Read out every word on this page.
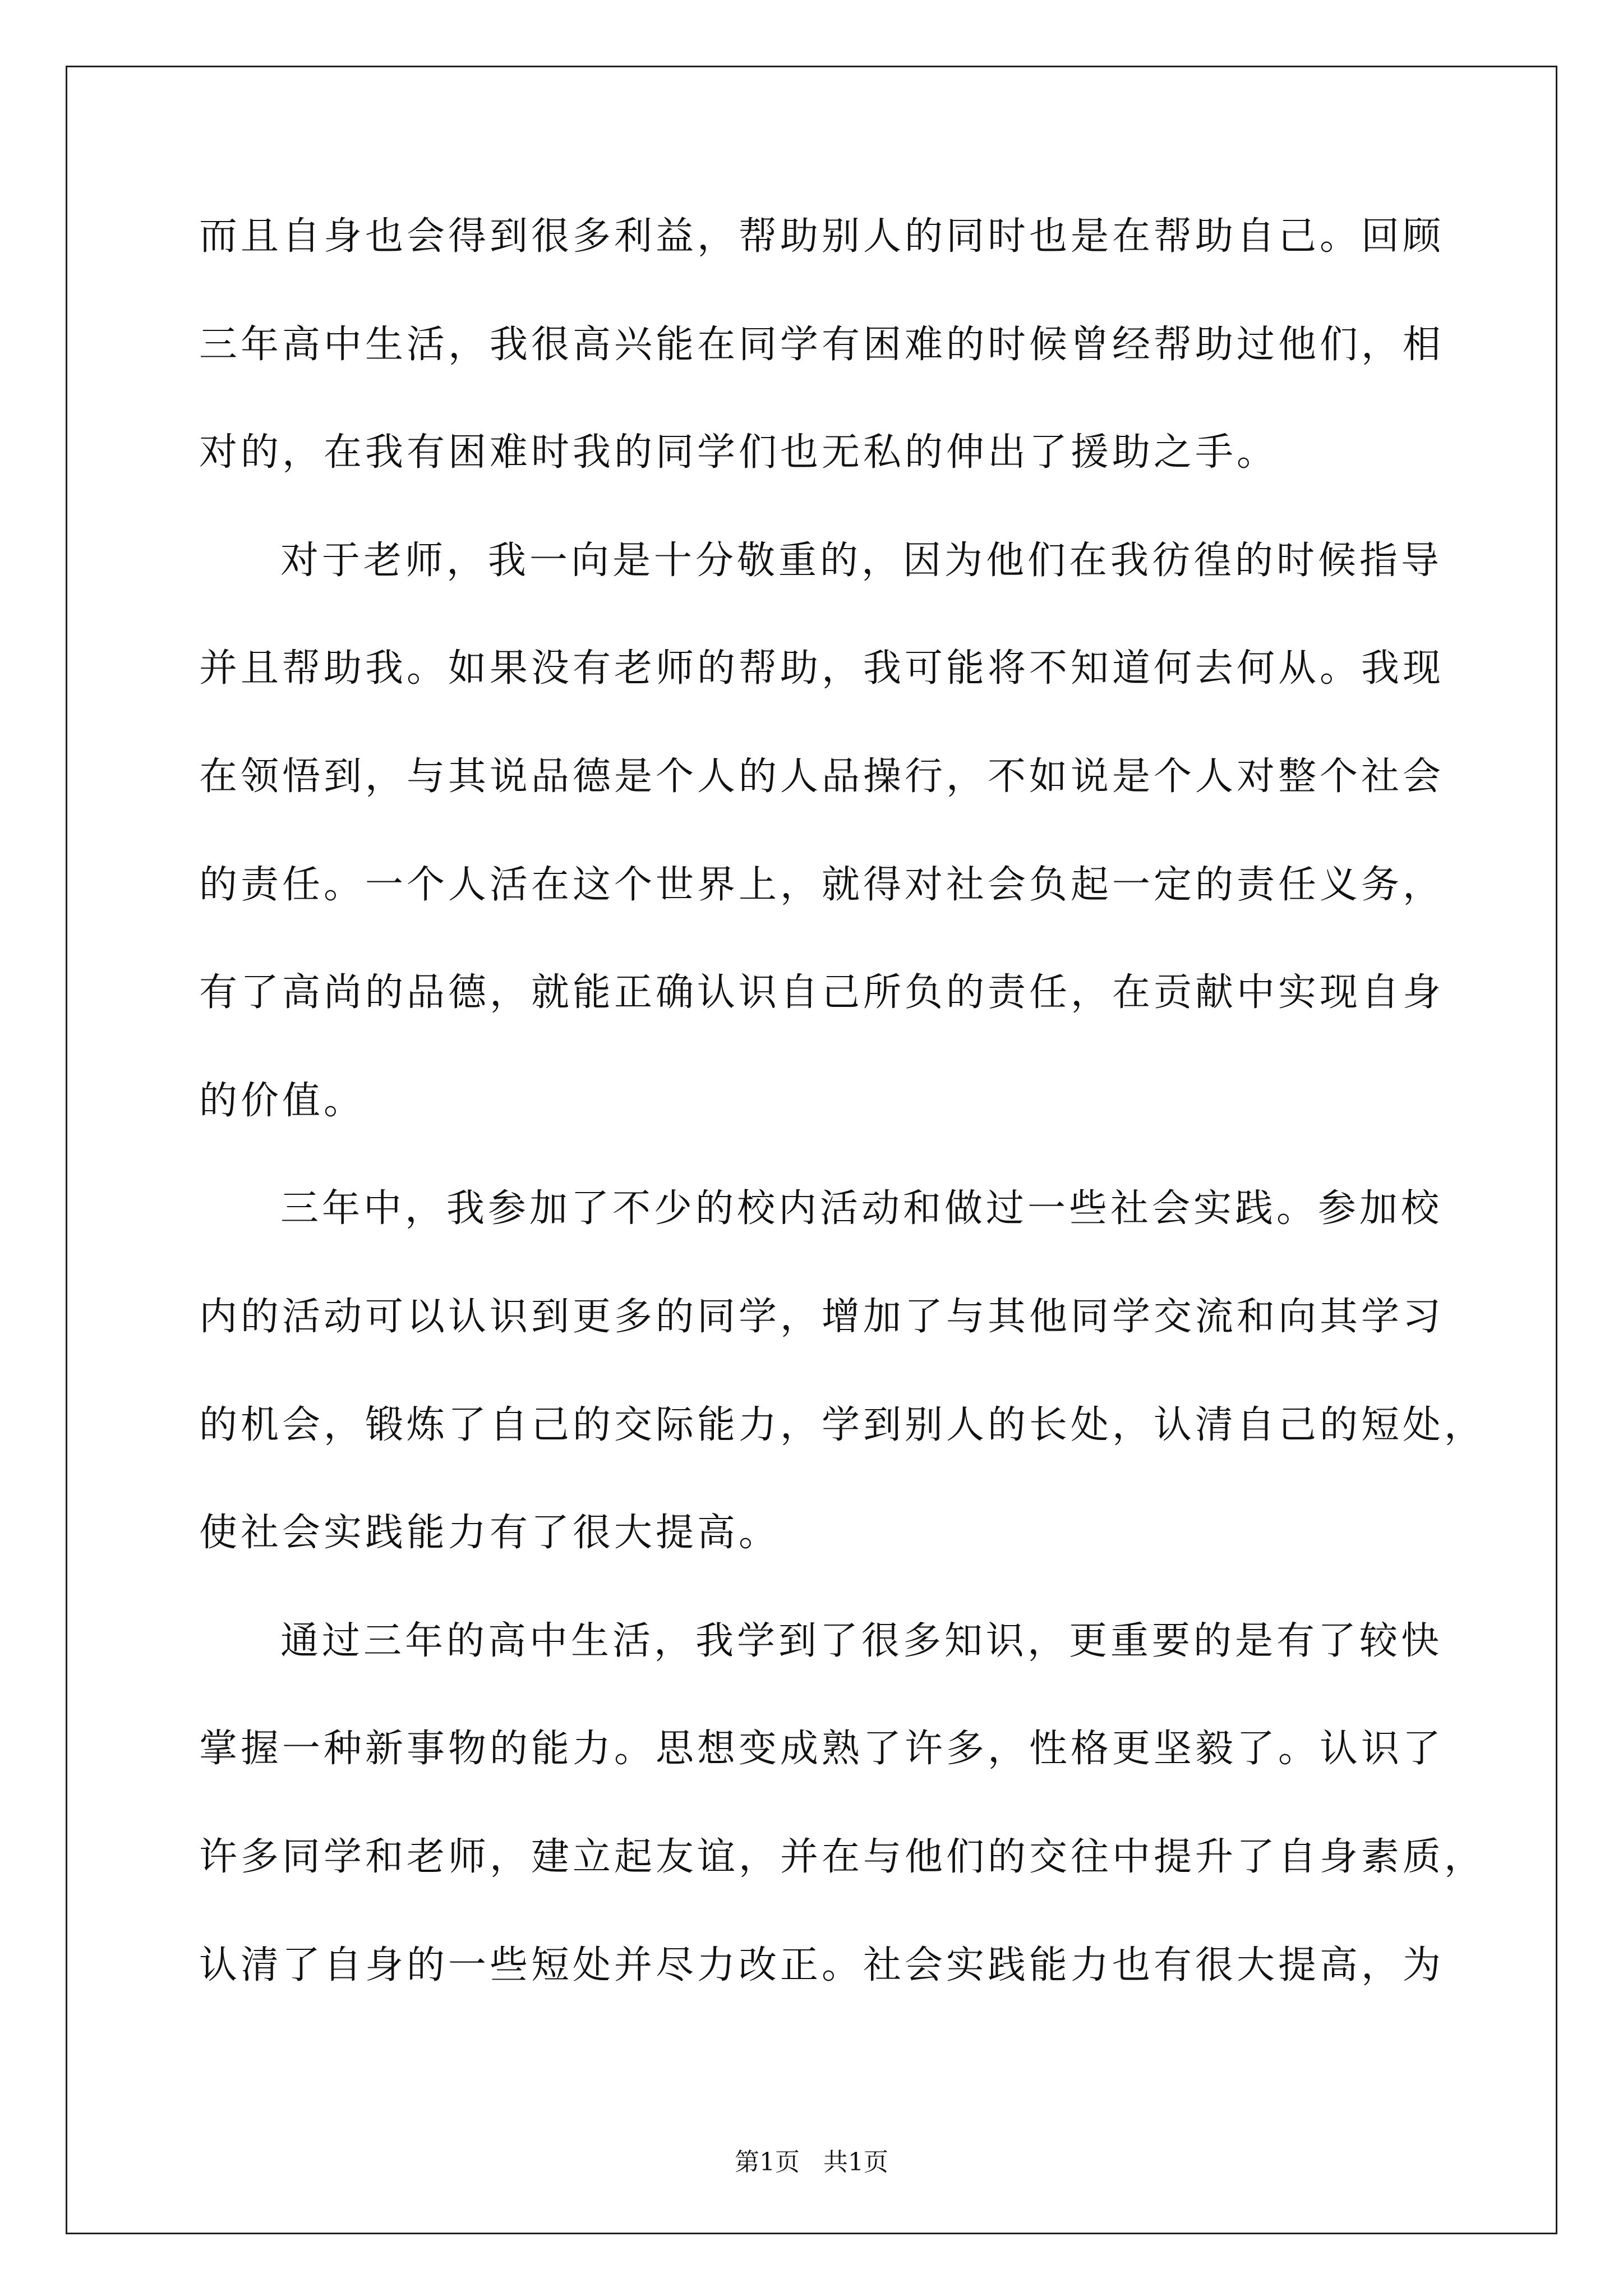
而且自身也会得到很多利益，帮助别人的同时也是在帮助自己。回顾
三年高中生活，我很高兴能在同学有困难的时候曾经帮助过他们，相
对的，在我有困难时我的同学们也无私的伸出了援助之手。
对于老师，我一向是十分敬重的，因为他们在我彷徨的时候指导
并且帮助我。如果没有老师的帮助，我可能将不知道何去何从。我现
在领悟到，与其说品德是个人的人品操行，不如说是个人对整个社会
的责任。一个人活在这个世界上，就得对社会负起一定的责任义务，
有了高尚的品德，就能正确认识自己所负的责任，在贡献中实现自身
的价值。
三年中，我参加了不少的校内活动和做过一些社会实践。参加校
内的活动可以认识到更多的同学，增加了与其他同学交流和向其学习
的机会，锻炼了自己的交际能力，学到别人的长处，认清自己的短处，
使社会实践能力有了很大提高。
通过三年的高中生活，我学到了很多知识，更重要的是有了较快
掌握一种新事物的能力。思想变成熟了许多，性格更坚毅了。认识了
许多同学和老师，建立起友谊，并在与他们的交往中提升了自身素质，
认清了自身的一些短处并尽力改正。社会实践能力也有很大提高，为
第1页   共1页
